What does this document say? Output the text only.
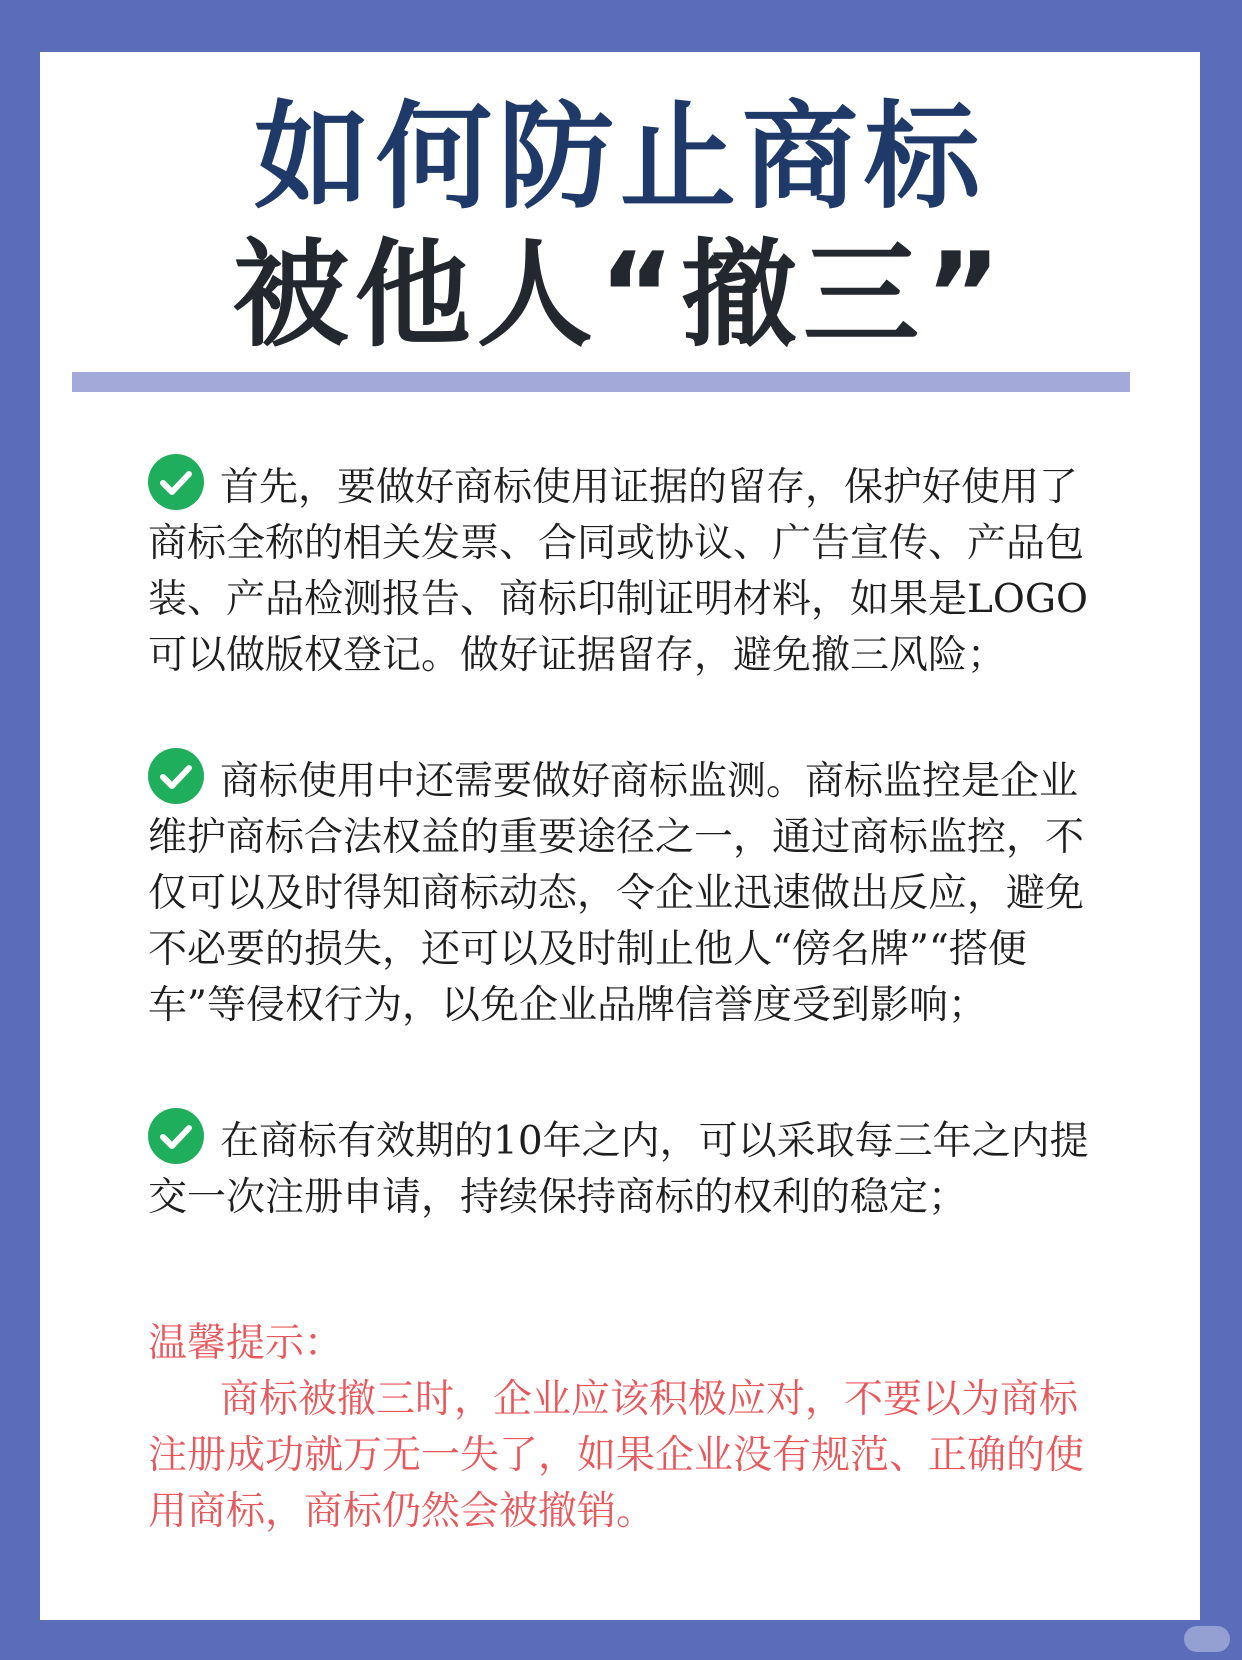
如何防止商标
被他人“撤三”

首先，要做好商标使用证据的留存，保护好使用了商标全称的相关发票、合同或协议、广告宣传、产品包装、产品检测报告、商标印制证明材料，如果是LOGO可以做版权登记。做好证据留存，避免撤三风险；

商标使用中还需要做好商标监测。商标监控是企业维护商标合法权益的重要途径之一，通过商标监控，不仅可以及时得知商标动态，令企业迅速做出反应，避免不必要的损失，还可以及时制止他人“傍名牌”“搭便车”等侵权行为，以免企业品牌信誉度受到影响；

在商标有效期的10年之内，可以采取每三年之内提交一次注册申请，持续保持商标的权利的稳定；

温馨提示：

商标被撤三时，企业应该积极应对，不要以为商标注册成功就万无一失了，如果企业没有规范、正确的使用商标，商标仍然会被撤销。
